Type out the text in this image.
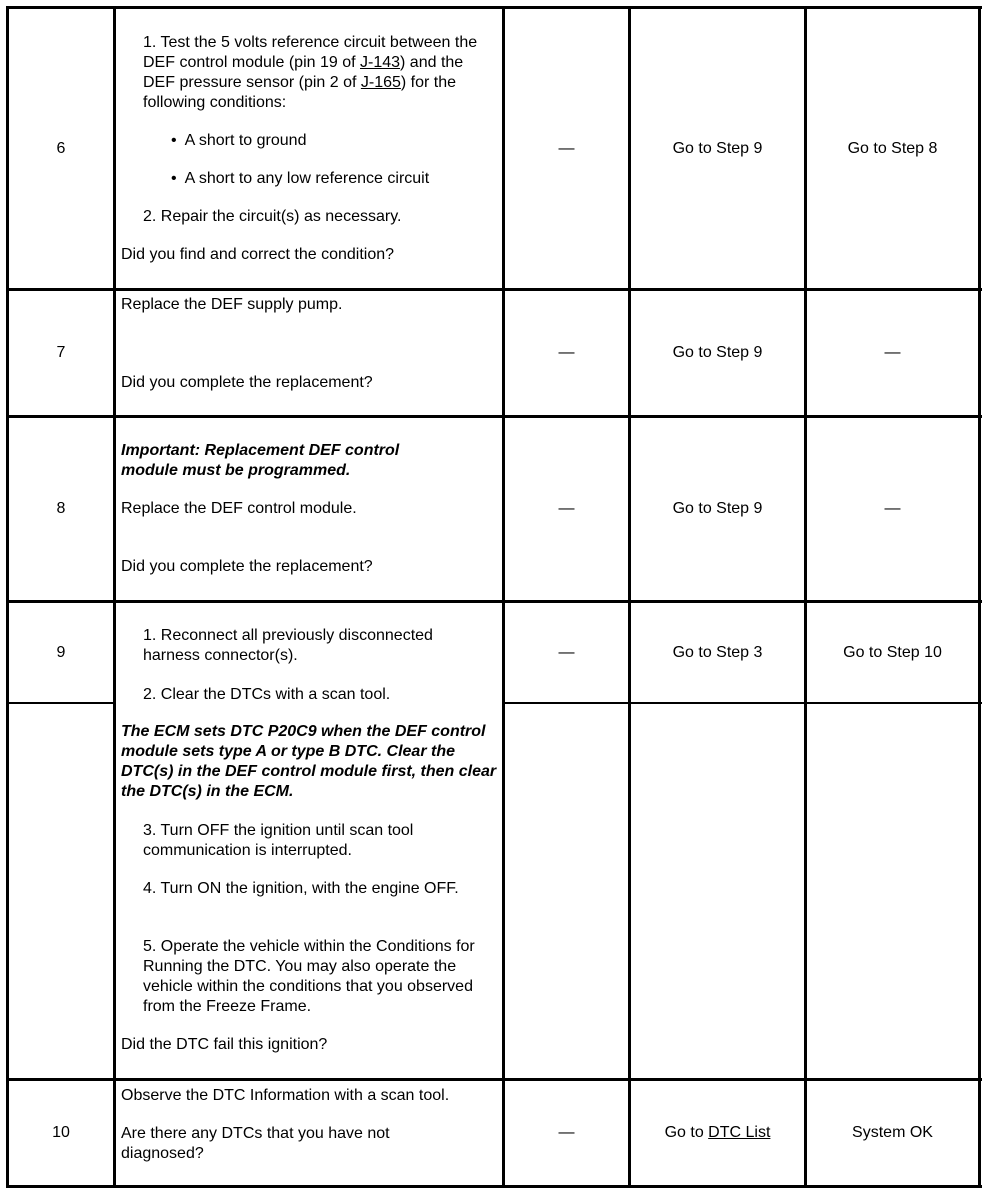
6
1. Test the 5 volts reference circuit between the DEF control module (pin 19 of J-143) and the DEF pressure sensor (pin 2 of J-165) for the following conditions:
•  A short to ground
•  A short to any low reference circuit
2. Repair the circuit(s) as necessary.
Did you find and correct the condition?
—	Go to Step 9	Go to Step 8
7
Replace the DEF supply pump.
Did you complete the replacement?
—	Go to Step 9	—
8
Important: Replacement DEF control module must be programmed.
Replace the DEF control module.
Did you complete the replacement?
—	Go to Step 9	—
9
1. Reconnect all previously disconnected harness connector(s).
2. Clear the DTCs with a scan tool.
The ECM sets DTC P20C9 when the DEF control module sets type A or type B DTC. Clear the DTC(s) in the DEF control module first, then clear the DTC(s) in the ECM.
3. Turn OFF the ignition until scan tool communication is interrupted.
4. Turn ON the ignition, with the engine OFF.
5. Operate the vehicle within the Conditions for Running the DTC. You may also operate the vehicle within the conditions that you observed from the Freeze Frame.
Did the DTC fail this ignition?
—	Go to Step 3	Go to Step 10
10
Observe the DTC Information with a scan tool.
Are there any DTCs that you have not diagnosed?
—	Go to DTC List	System OK
